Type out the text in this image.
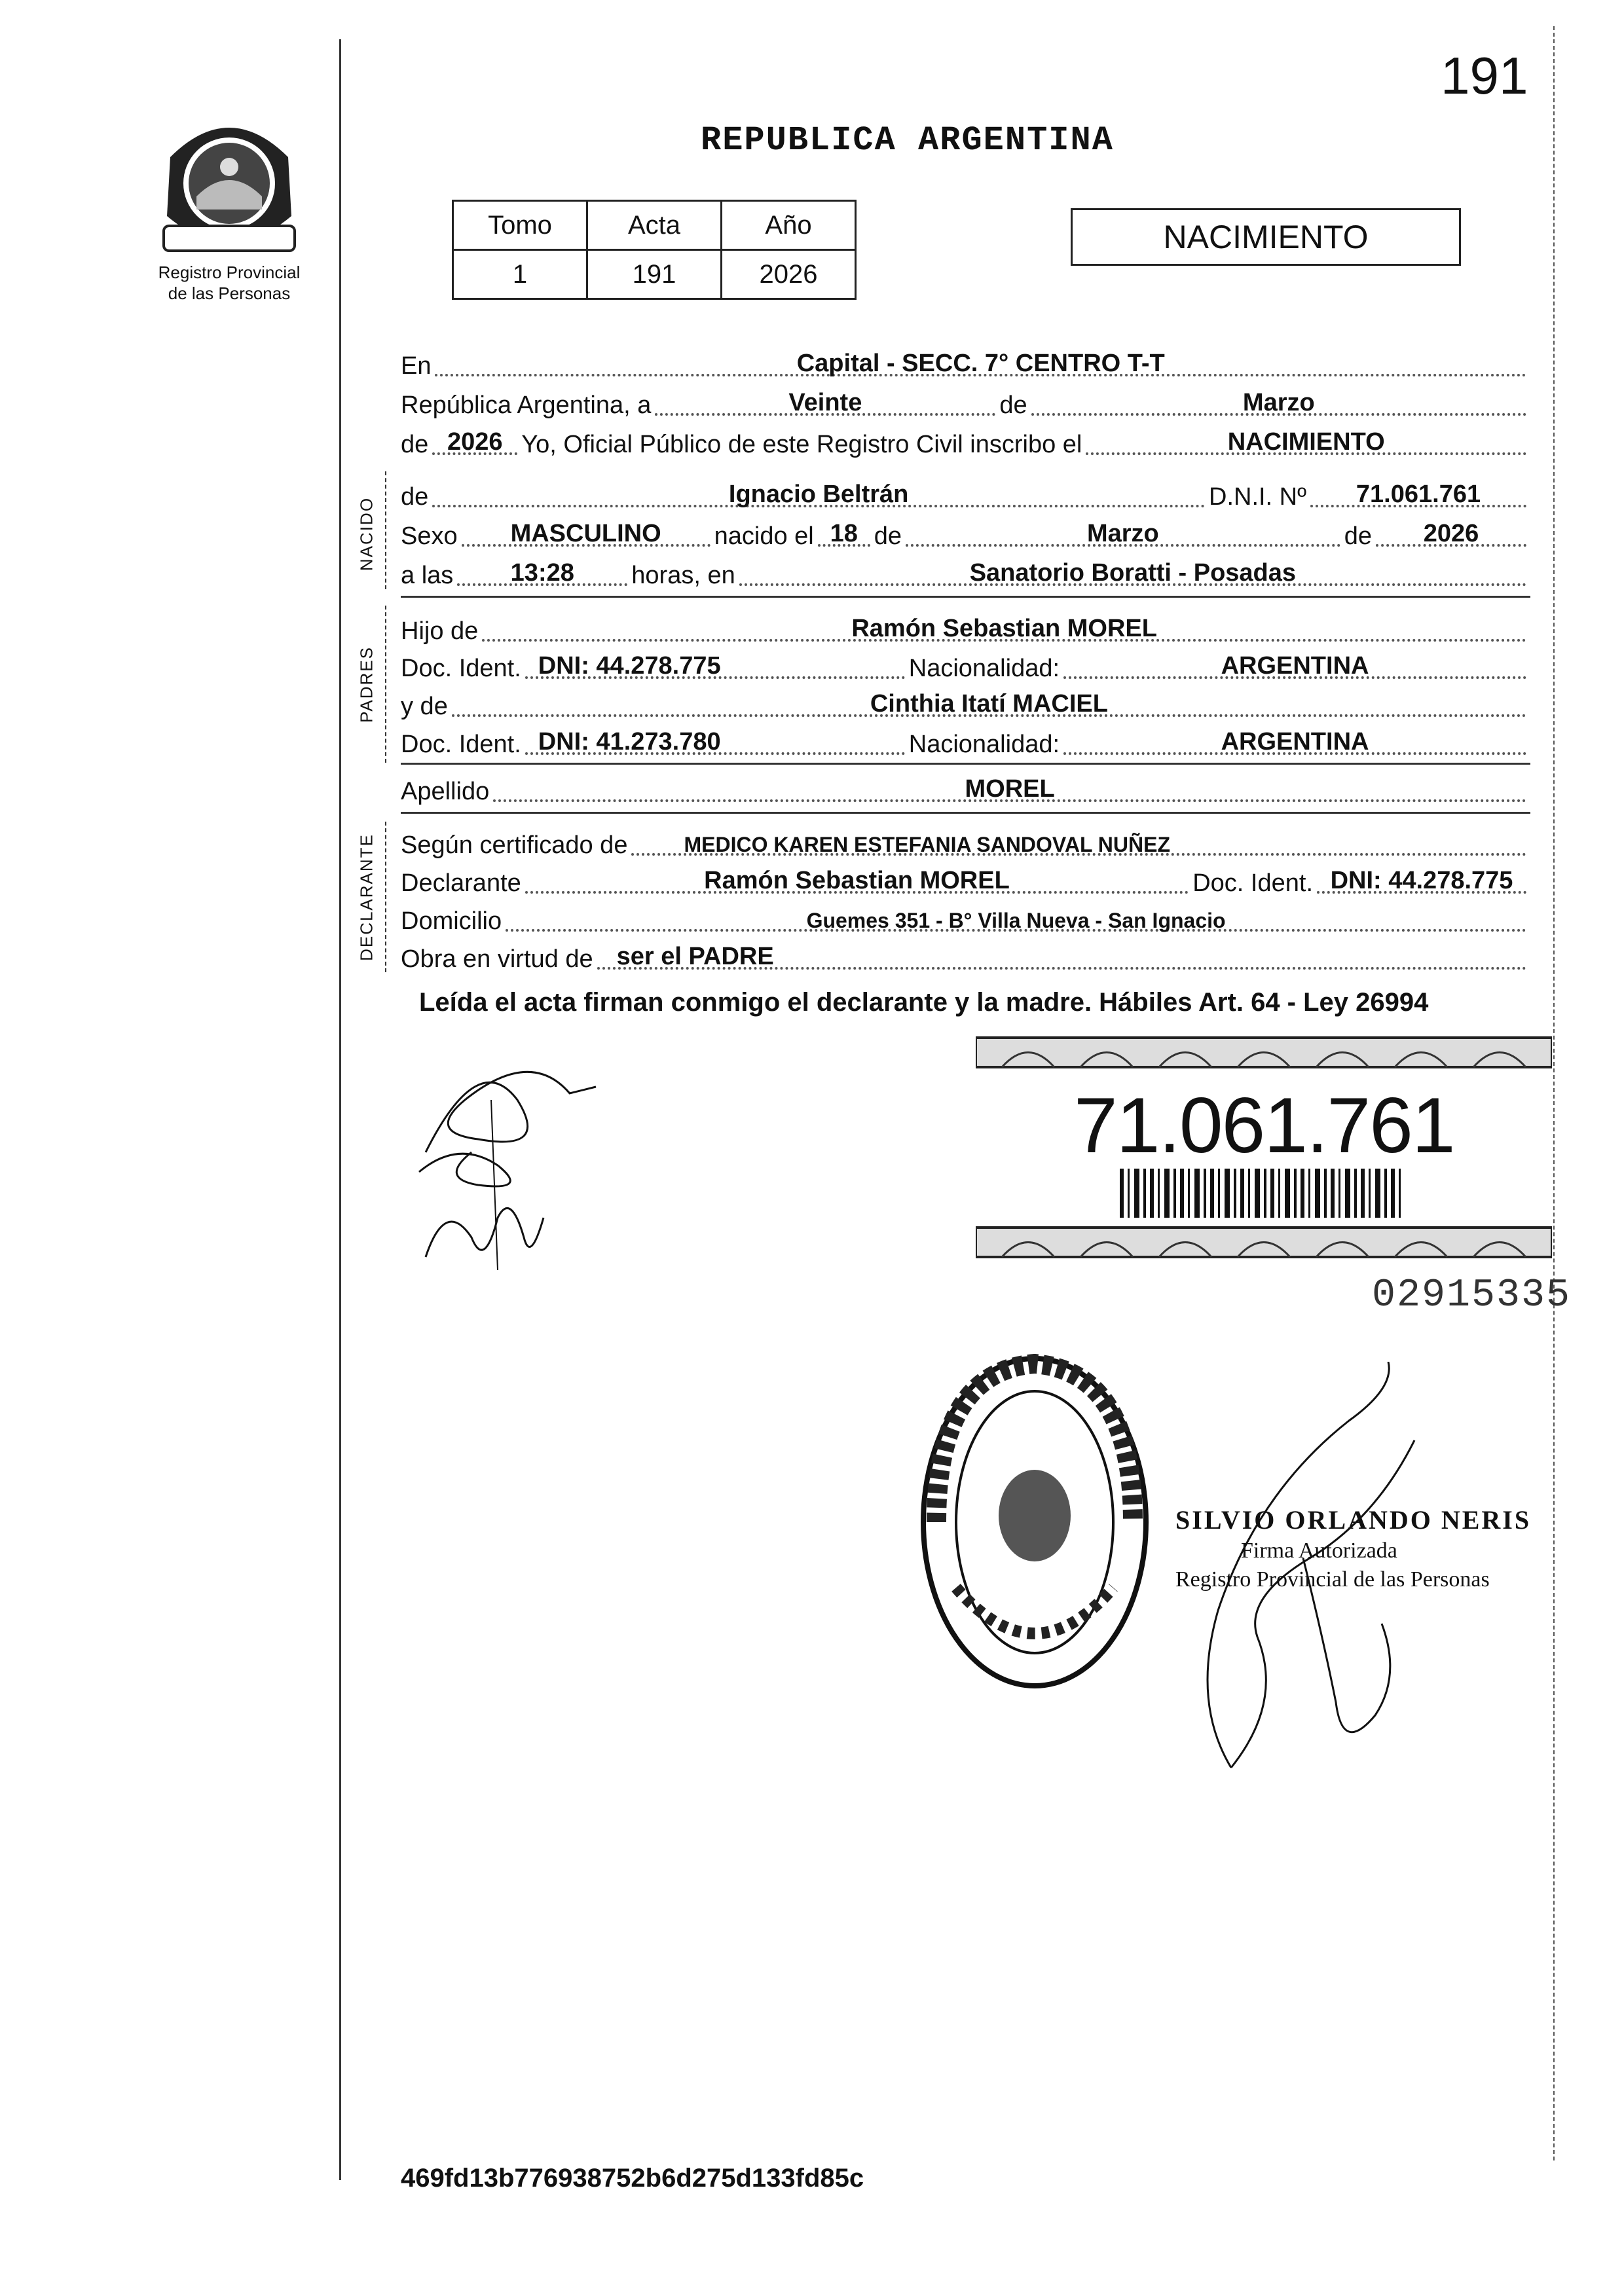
191
Registro Provincial
de las Personas
REPUBLICA ARGENTINA
Tomo	Acta	Año
1	191	2026
NACIMIENTO
En	Capital - SECC. 7° CENTRO T-T
República Argentina, a	Veinte	de	Marzo
de 2026 Yo, Oficial Público de este Registro Civil inscribo el	NACIMIENTO
NACIDO de	Ignacio Beltrán	D.N.I. Nº	71.061.761
Sexo	MASCULINO	nacido el 18 de	Marzo	de	2026
a las	13:28	horas, en	Sanatorio Boratti - Posadas
PADRES
Hijo de	Ramón Sebastian MOREL
Doc. Ident. DNI: 44.278.775	Nacionalidad:	ARGENTINA
y de	Cinthia Itatí MACIEL
Doc. Ident. DNI: 41.273.780	Nacionalidad:	ARGENTINA
Apellido	MOREL
DECLARANTE Según certificado de	MEDICO KAREN ESTEFANIA SANDOVAL NUÑEZ
Declarante	Ramón Sebastian MOREL	Doc. Ident. DNI: 44.278.775
Domicilio	Guemes 351 - B° Villa Nueva - San Ignacio
Obra en virtud de ser el PADRE
Leída el acta firman conmigo el declarante y la madre. Hábiles Art. 64 - Ley 26994
71.061.761
02915335
SILVIO ORLANDO NERIS
Firma Autorizada
Registro Provincial de las Personas
469fd13b776938752b6d275d133fd85c
